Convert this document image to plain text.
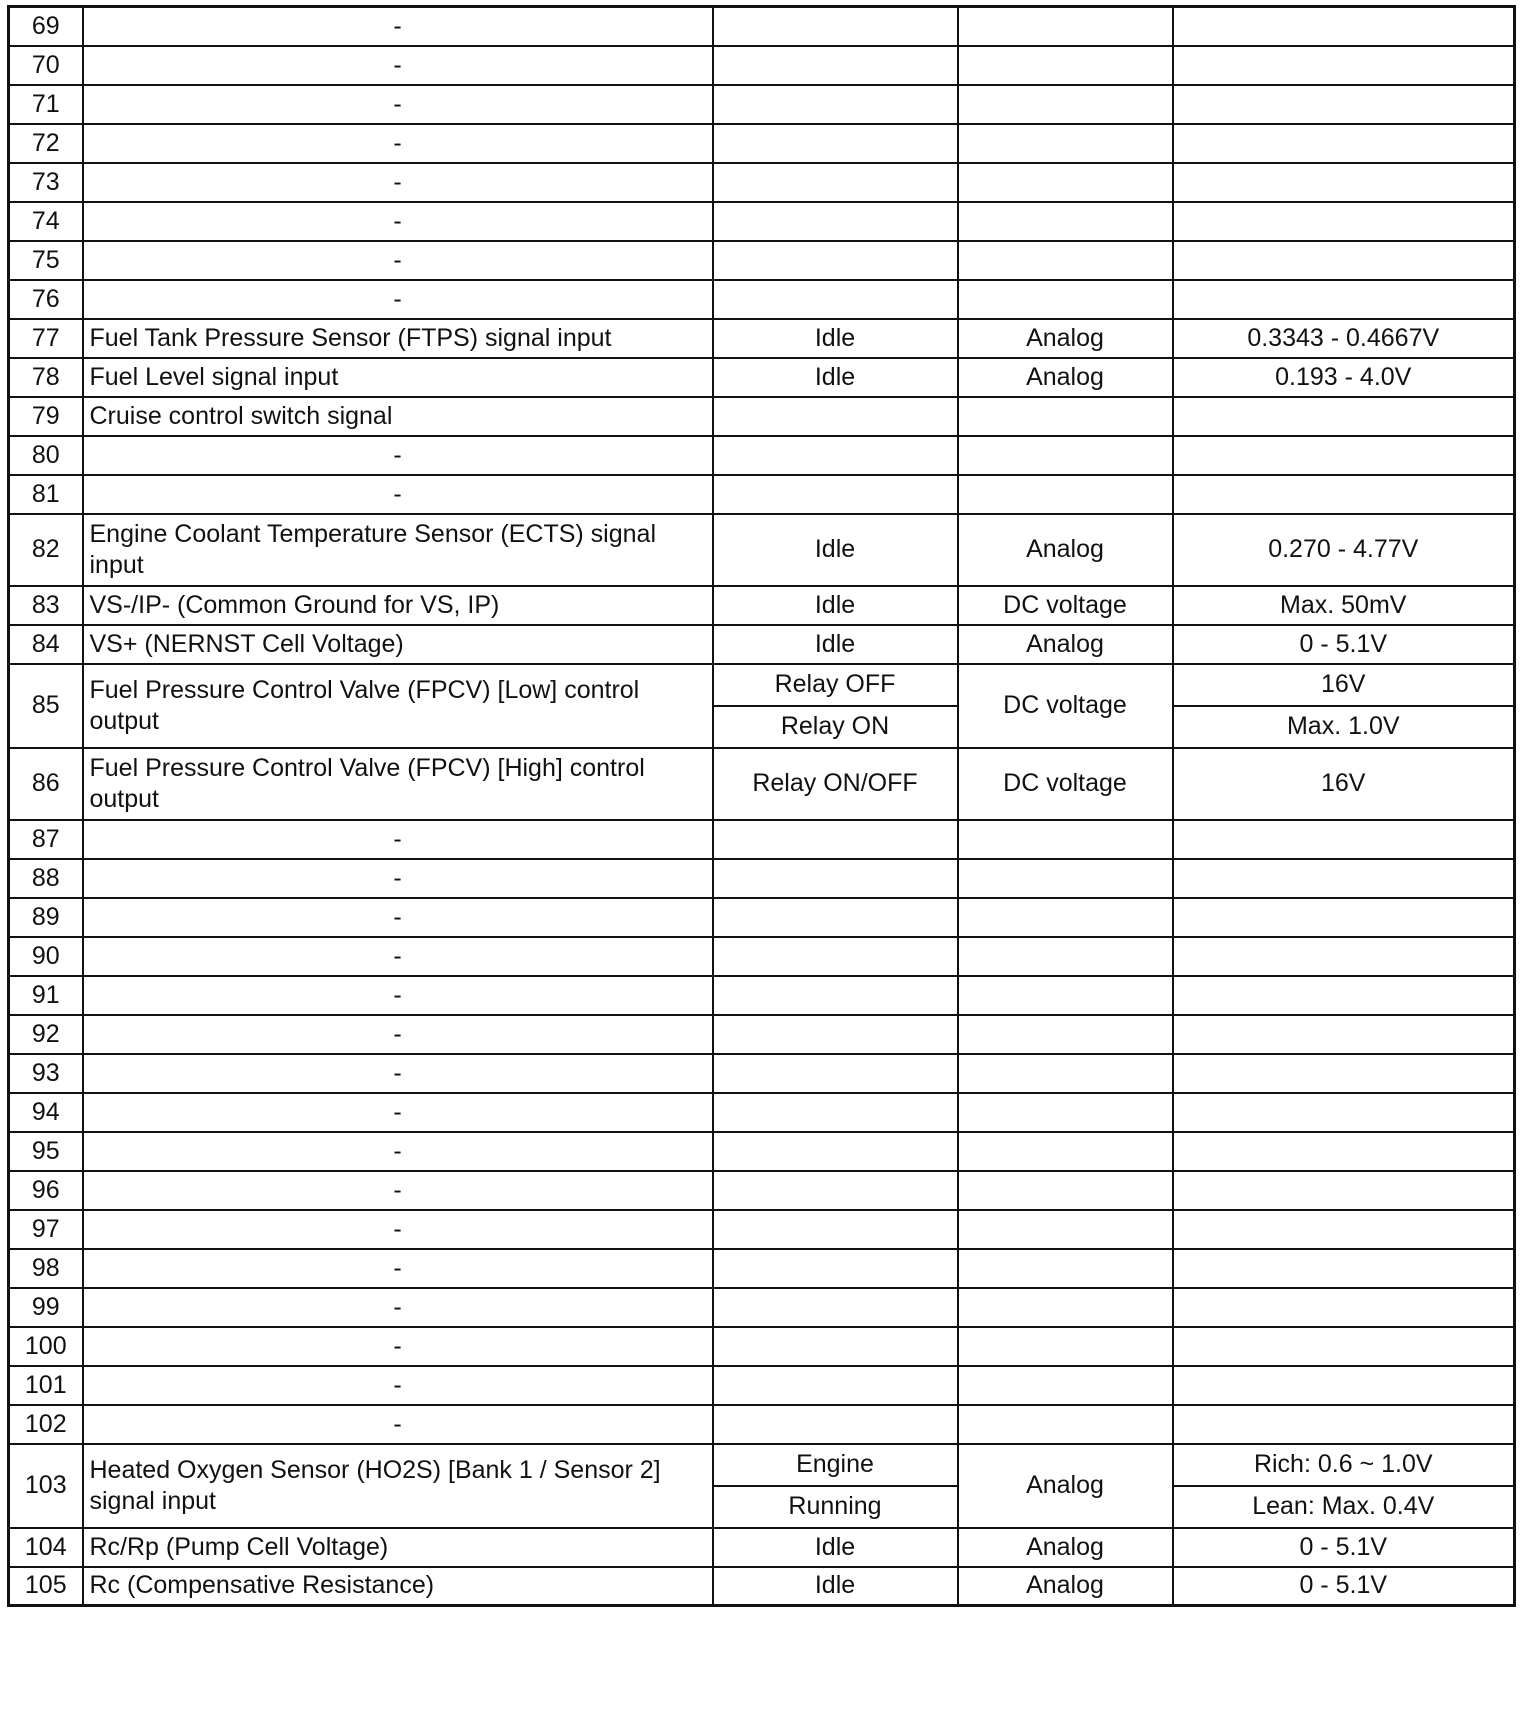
69	-			
70	-			
71	-			
72	-			
73	-			
74	-			
75	-			
76	-			
77	Fuel Tank Pressure Sensor (FTPS) signal input	Idle	Analog	0.3343 - 0.4667V
78	Fuel Level signal input	Idle	Analog	0.193 - 4.0V
79	Cruise control switch signal			
80	-			
81	-			
82	Engine Coolant Temperature Sensor (ECTS) signal input	Idle	Analog	0.270 - 4.77V
83	VS-/IP- (Common Ground for VS, IP)	Idle	DC voltage	Max. 50mV
84	VS+ (NERNST Cell Voltage)	Idle	Analog	0 - 5.1V
85	Fuel Pressure Control Valve (FPCV) [Low] control output	Relay OFF	DC voltage	16V
		Relay ON		Max. 1.0V
86	Fuel Pressure Control Valve (FPCV) [High] control output	Relay ON/OFF	DC voltage	16V
87	-			
88	-			
89	-			
90	-			
91	-			
92	-			
93	-			
94	-			
95	-			
96	-			
97	-			
98	-			
99	-			
100	-			
101	-			
102	-			
103	Heated Oxygen Sensor (HO2S) [Bank 1 / Sensor 2] signal input	Engine	Analog	Rich: 0.6 ~ 1.0V
		Running		Lean: Max. 0.4V
104	Rc/Rp (Pump Cell Voltage)	Idle	Analog	0 - 5.1V
105	Rc (Compensative Resistance)	Idle	Analog	0 - 5.1V
